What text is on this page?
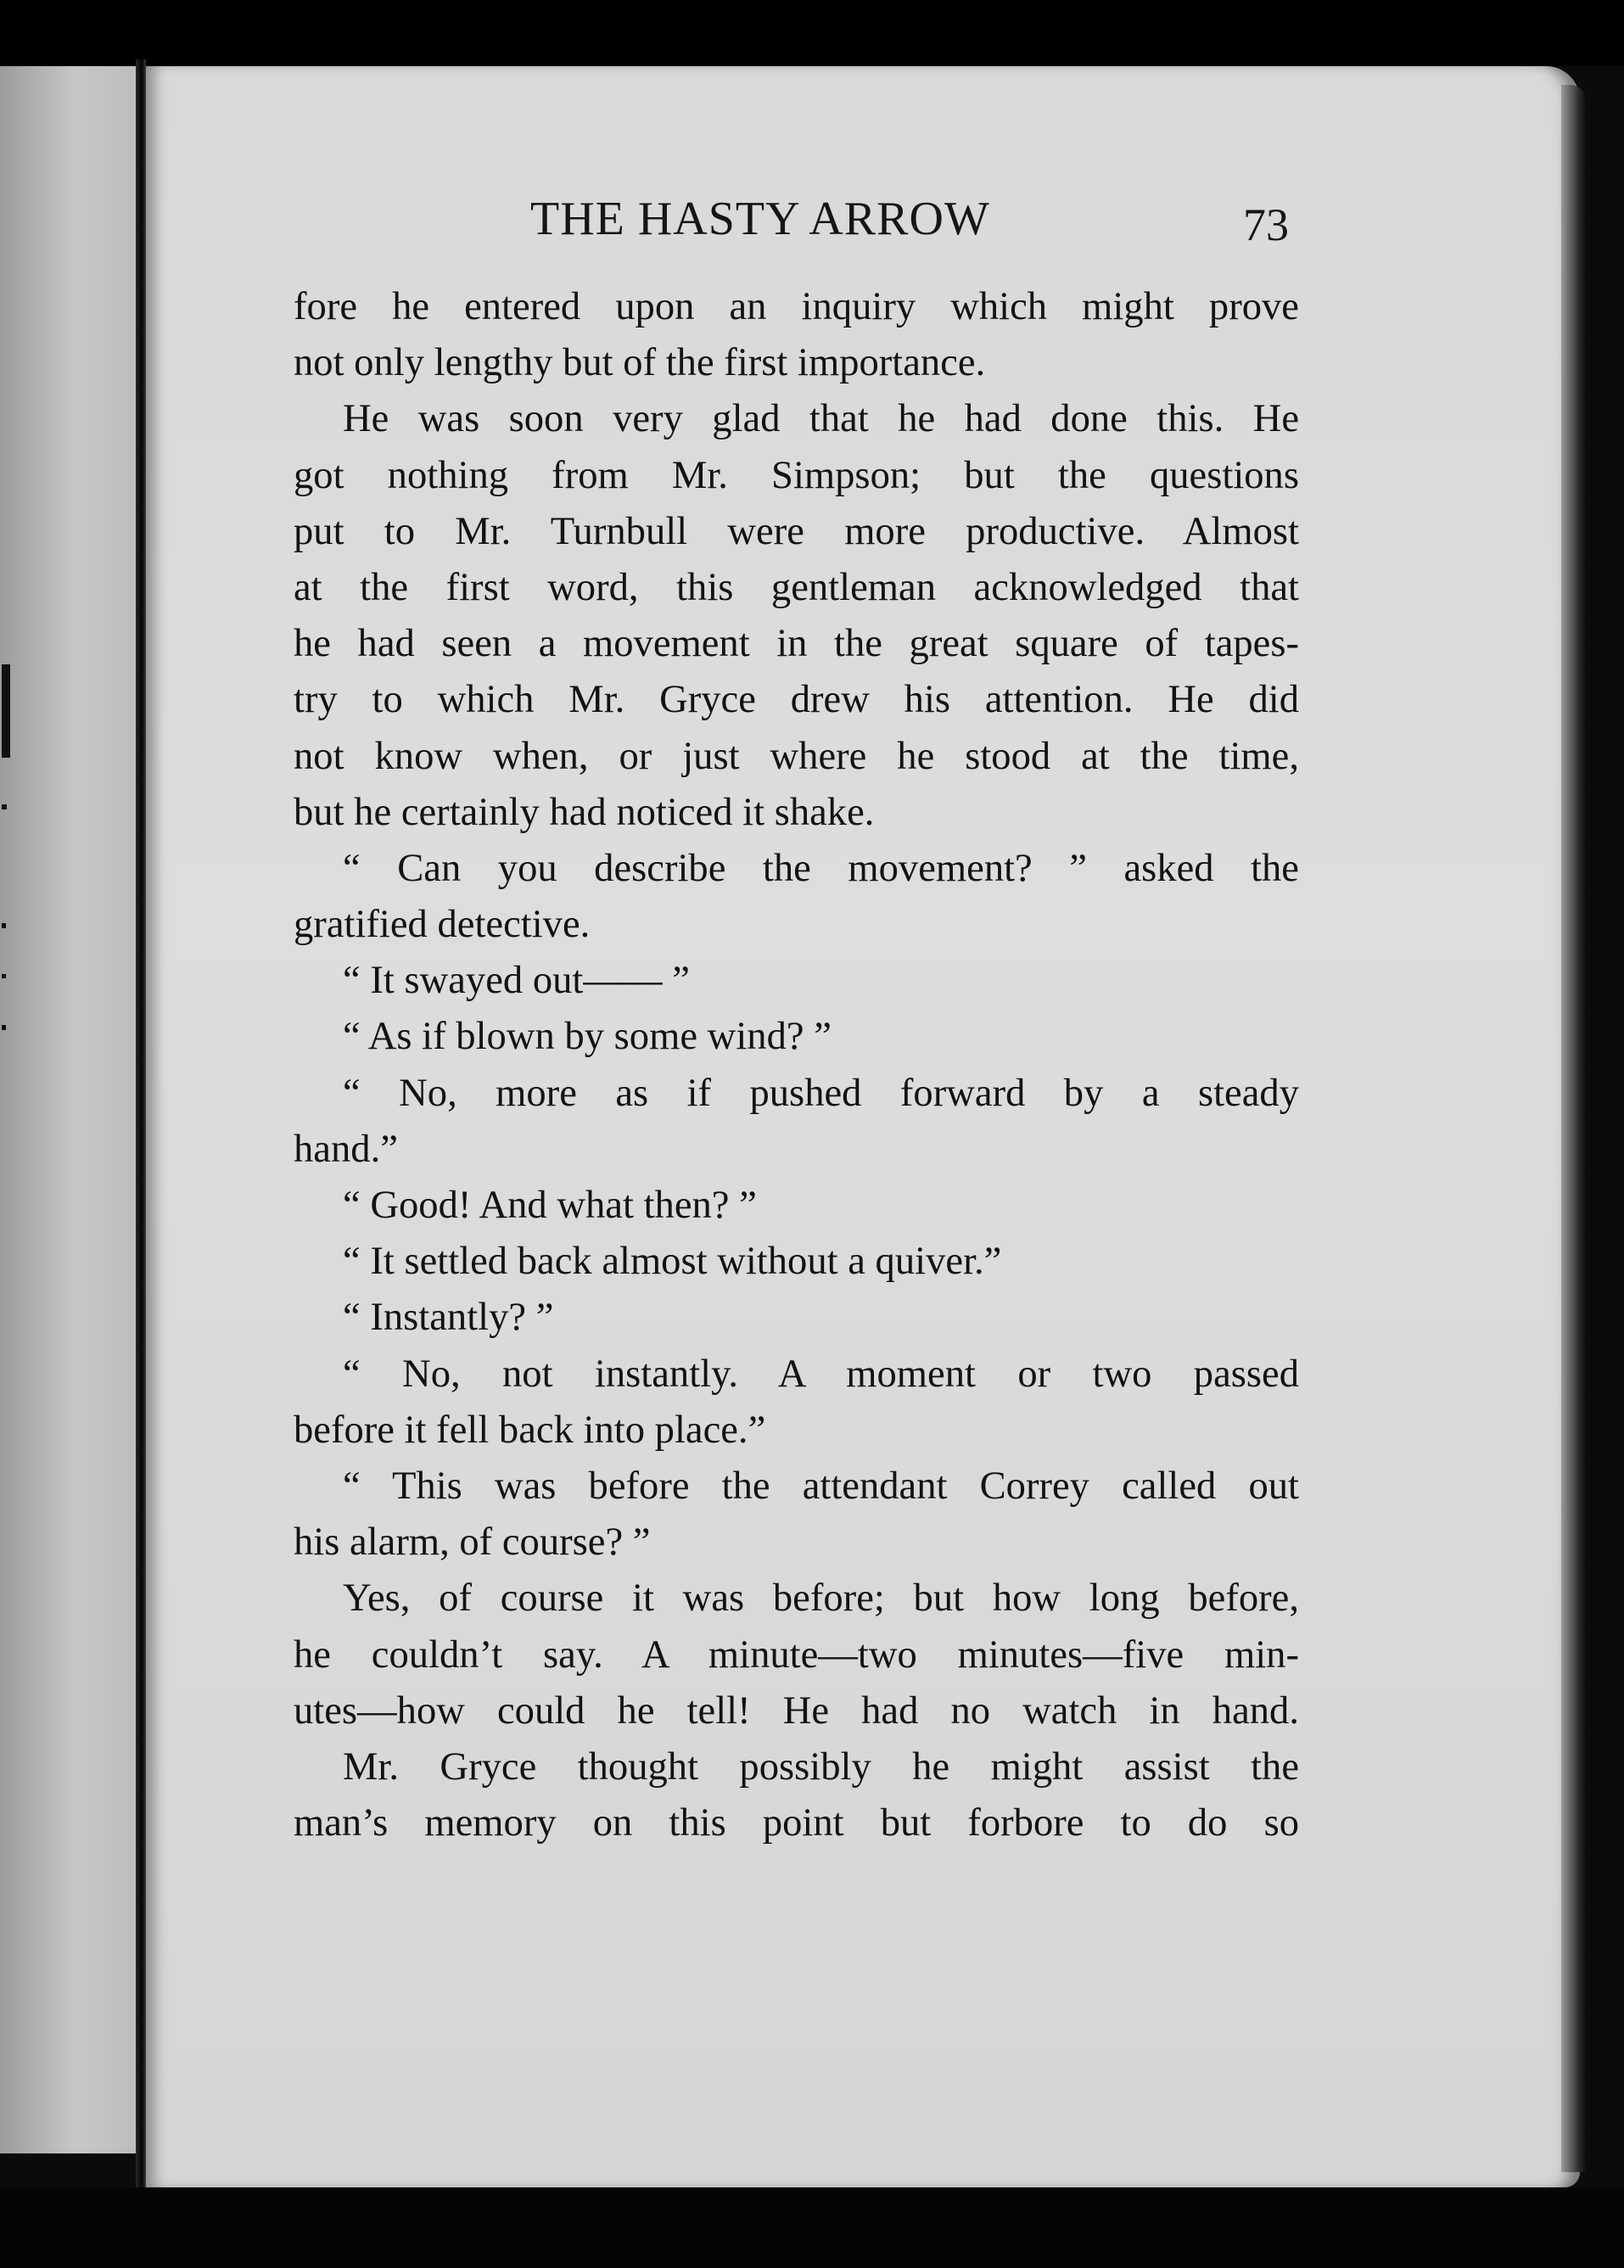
THE HASTY ARROW	73
fore he entered upon an inquiry which might prove
not only lengthy but of the first importance.
He was soon very glad that he had done this. He
got nothing from Mr. Simpson; but the questions
put to Mr. Turnbull were more productive. Almost
at the first word, this gentleman acknowledged that
he had seen a movement in the great square of tapes-
try to which Mr. Gryce drew his attention. He did
not know when, or just where he stood at the time,
but he certainly had noticed it shake.
“ Can you describe the movement? ” asked the
gratified detective.
“ It swayed out—— ”
“ As if blown by some wind? ”
“ No, more as if pushed forward by a steady
hand.”
“ Good! And what then? ”
“ It settled back almost without a quiver.”
“ Instantly? ”
“ No, not instantly. A moment or two passed
before it fell back into place.”
“ This was before the attendant Correy called out
his alarm, of course? ”
Yes, of course it was before; but how long before,
he couldn’t say. A minute—two minutes—five min-
utes—how could he tell! He had no watch in hand.
Mr. Gryce thought possibly he might assist the
man’s memory on this point but forbore to do so
